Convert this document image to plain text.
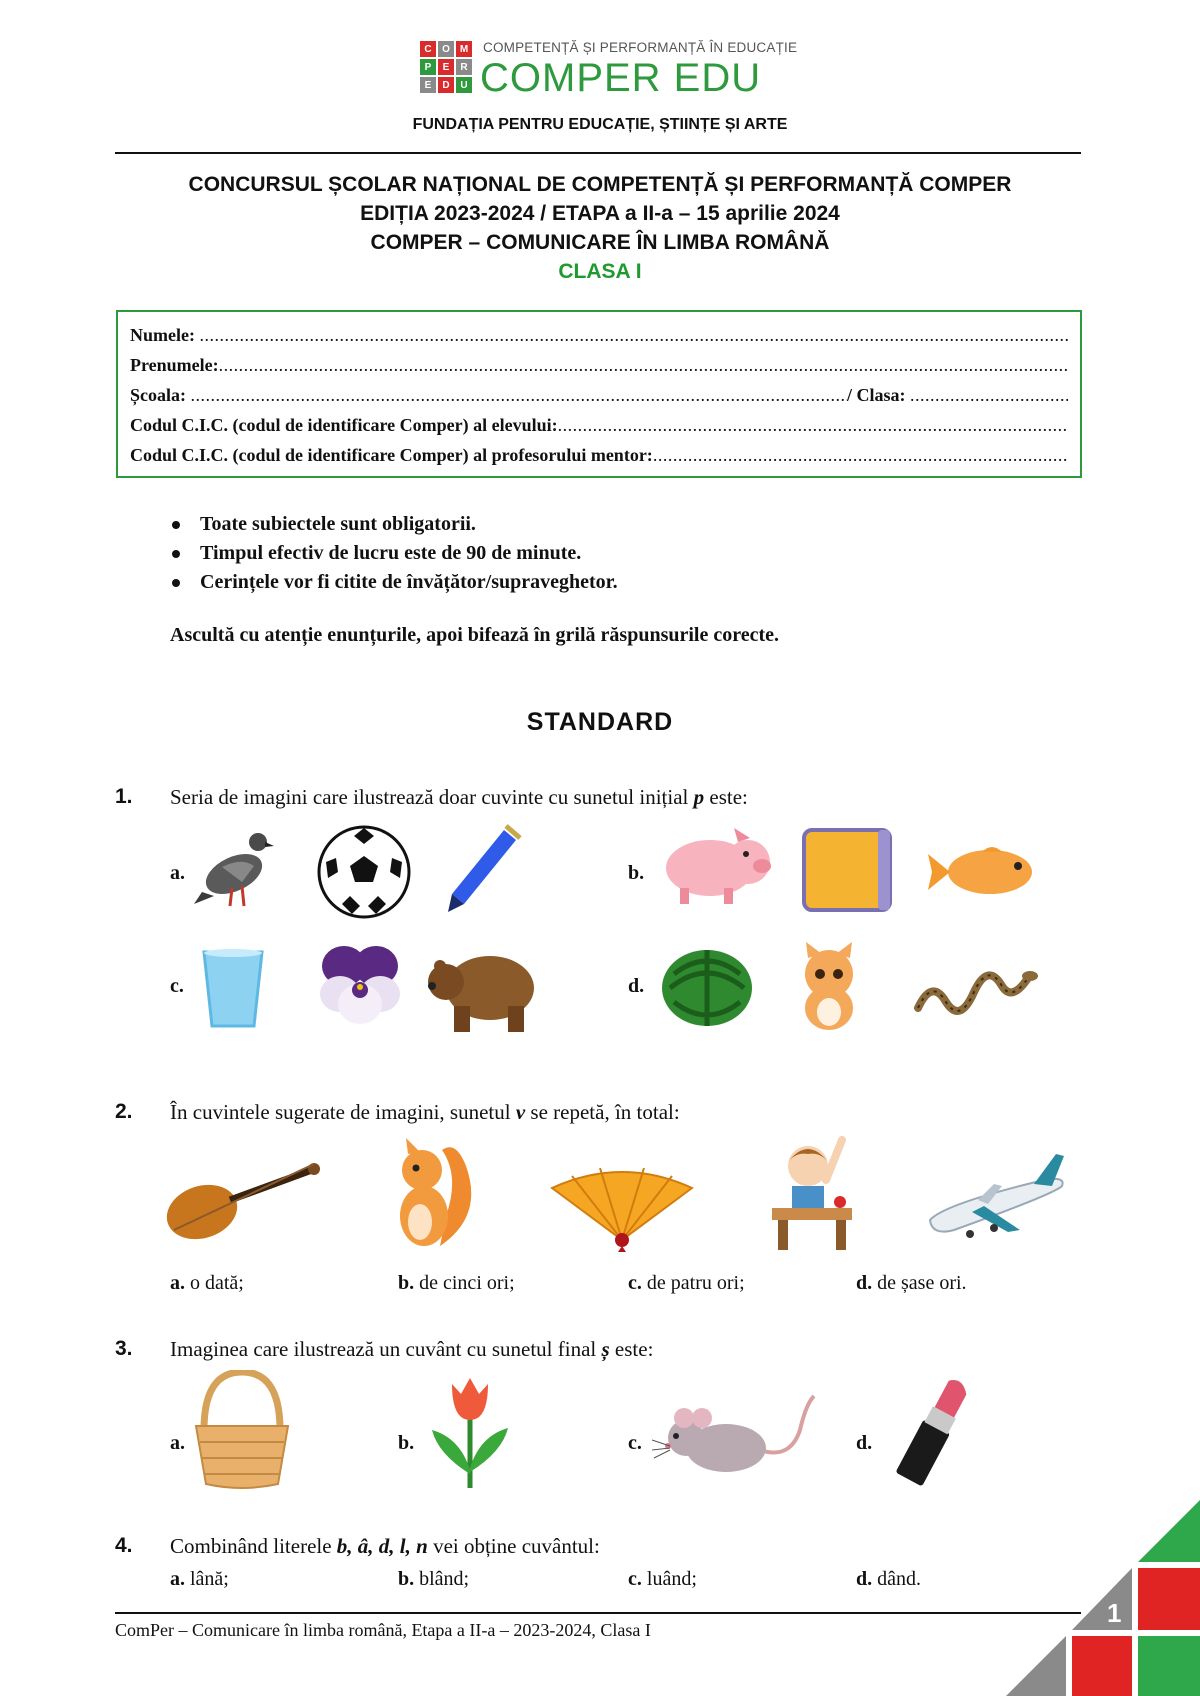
C	O M
P	E	R
E	D	U
COMPETENȚĂ ȘI PERFORMANȚĂ ÎN EDUCAȚIE
COMPER EDU
FUNDAȚIA PENTRU EDUCAȚIE, ȘTIINȚE ȘI ARTE
CONCURSUL ȘCOLAR NAȚIONAL DE COMPETENȚĂ ȘI PERFORMANȚĂ COMPER
EDIȚIA 2023-2024 / ETAPA a II-a – 15 aprilie 2024
COMPER – COMUNICARE ÎN LIMBA ROMÂNĂ
CLASA I
Numele:

.....
Prenumele:
.....
Școala:
.....	/ Clasa:

.....
Codul C.I.C. (codul de identificare Comper) al elevului:
.....
Codul C.I.C. (codul de identificare Comper) al profesorului mentor:
.....
Toate subiectele sunt obligatorii.
Timpul efectiv de lucru este de 90 de minute.
Cerințele vor fi citite de învățător/supraveghetor.
Ascultă cu atenție enunțurile, apoi bifează în grilă răspunsurile corecte.
STANDARD
1. Seria de imagini care ilustrează doar cuvinte cu sunetul inițial p este:
a.	b.
c.	d.
2. În cuvintele sugerate de imagini, sunetul v se repetă, în total:
a. o dată;	b. de cinci ori;	c. de patru ori;	d. de șase ori.
3. Imaginea care ilustrează un cuvânt cu sunetul final ș este:
a.	b.	c.	d.
4. Combinând literele b, â, d, l, n vei obține cuvântul:
a. lână;	b. blând;	c. luând;	d. dând.
ComPer – Comunicare în limba română, Etapa a II-a – 2023-2024, Clasa I
1
